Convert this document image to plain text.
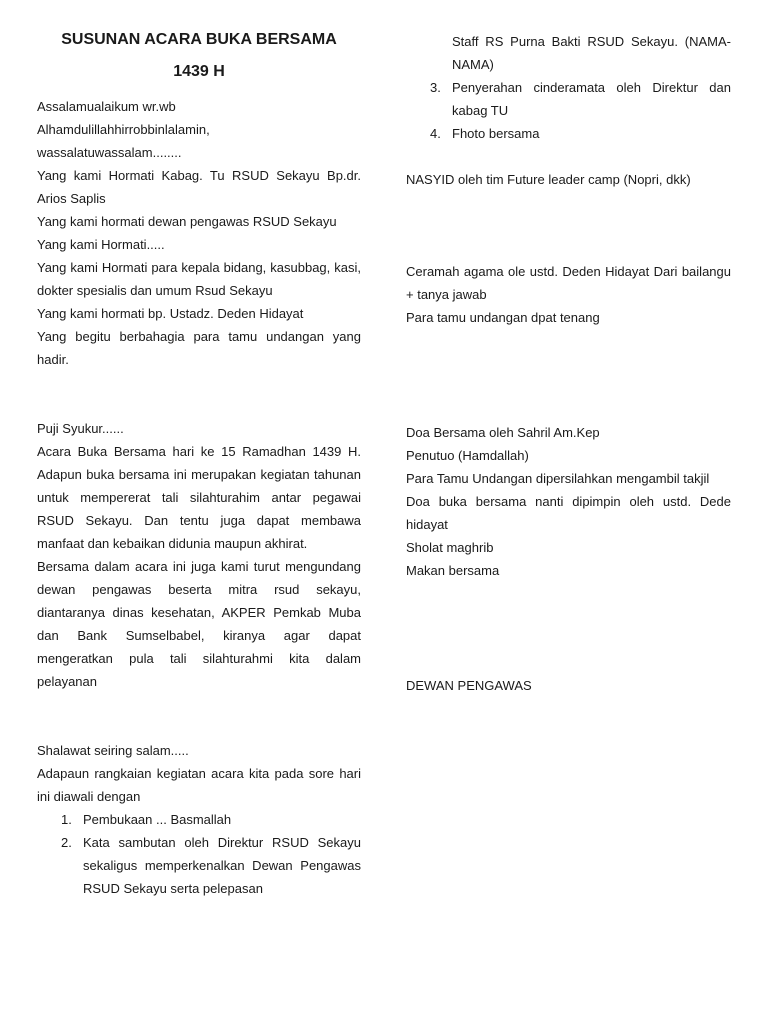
SUSUNAN ACARA BUKA BERSAMA
1439 H

Assalamualaikum wr.wb

Alhamdulillahhirrobbinlalamin,

wassalatuwassalam........

Yang kami Hormati Kabag. Tu RSUD Sekayu Bp.dr. Arios Saplis

Yang kami hormati dewan pengawas RSUD Sekayu

Yang kami Hormati.....

Yang kami Hormati para kepala bidang, kasubbag, kasi, dokter spesialis dan umum Rsud Sekayu

Yang kami hormati bp. Ustadz. Deden Hidayat

Yang begitu berbahagia para tamu undangan yang hadir.

Puji Syukur......

Acara Buka Bersama hari ke 15 Ramadhan 1439 H. Adapun buka bersama ini merupakan kegiatan tahunan untuk mempererat tali silahturahim antar pegawai RSUD Sekayu. Dan tentu juga dapat membawa manfaat dan kebaikan didunia maupun akhirat.

Bersama dalam acara ini juga kami turut mengundang dewan pengawas beserta mitra rsud sekayu, diantaranya dinas kesehatan, AKPER Pemkab Muba dan Bank Sumselbabel, kiranya agar dapat mengeratkan pula tali silahturahmi kita dalam pelayanan

Shalawat seiring salam.....

Adapaun rangkaian kegiatan acara kita pada sore hari ini diawali dengan

1. Pembukaan ... Basmallah
2. Kata sambutan oleh Direktur RSUD Sekayu sekaligus memperkenalkan Dewan Pengawas RSUD Sekayu serta pelepasan
Staff RS Purna Bakti RSUD Sekayu. (NAMA-NAMA)
3. Penyerahan cinderamata oleh Direktur dan kabag TU
4. Fhoto bersama

NASYID oleh tim Future leader camp (Nopri, dkk)

Ceramah agama ole ustd. Deden Hidayat Dari bailangu + tanya jawab

Para tamu undangan dpat tenang

Doa Bersama oleh Sahril Am.Kep

Penutuo (Hamdallah)

Para Tamu Undangan dipersilahkan mengambil takjil

Doa buka bersama nanti dipimpin oleh ustd. Dede hidayat

Sholat maghrib

Makan bersama

DEWAN PENGAWAS
